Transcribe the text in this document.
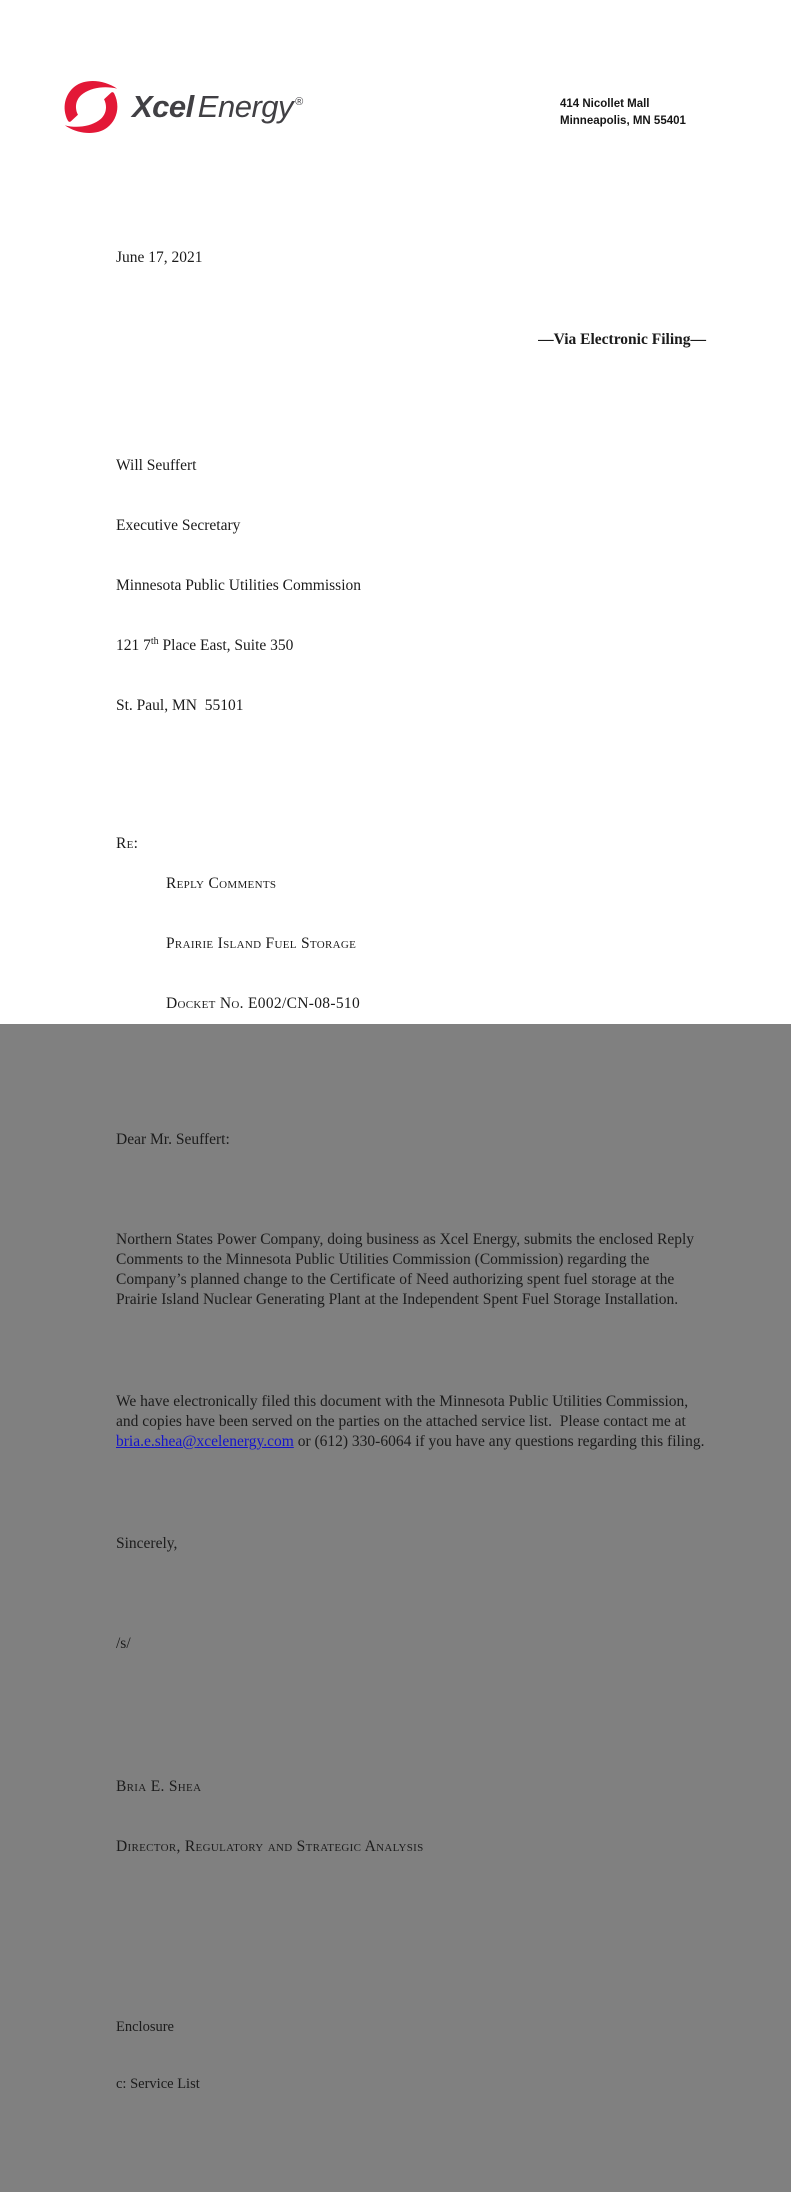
Xcel Energy ®	414 Nicollet Mall
Minneapolis, MN 55401

June 17, 2021

—Via Electronic Filing—

Will Seuffert

Executive Secretary

Minnesota Public Utilities Commission

121 7th Place East, Suite 350

St. Paul, MN  55101

Re:

Reply Comments

Prairie Island Fuel Storage

Docket No. E002/CN-08-510

Dear Mr. Seuffert:

Northern States Power Company, doing business as Xcel Energy, submits the enclosed Reply Comments to the Minnesota Public Utilities Commission (Commission) regarding the Company’s planned change to the Certificate of Need authorizing spent fuel storage at the Prairie Island Nuclear Generating Plant at the Independent Spent Fuel Storage Installation.

We have electronically filed this document with the Minnesota Public Utilities Commission, and copies have been served on the parties on the attached service list.  Please contact me at bria.e.shea@xcelenergy.com or (612) 330-6064 if you have any questions regarding this filing.

Sincerely,

/s/

Bria E. Shea

Director, Regulatory and Strategic Analysis

Enclosure

c: Service List
